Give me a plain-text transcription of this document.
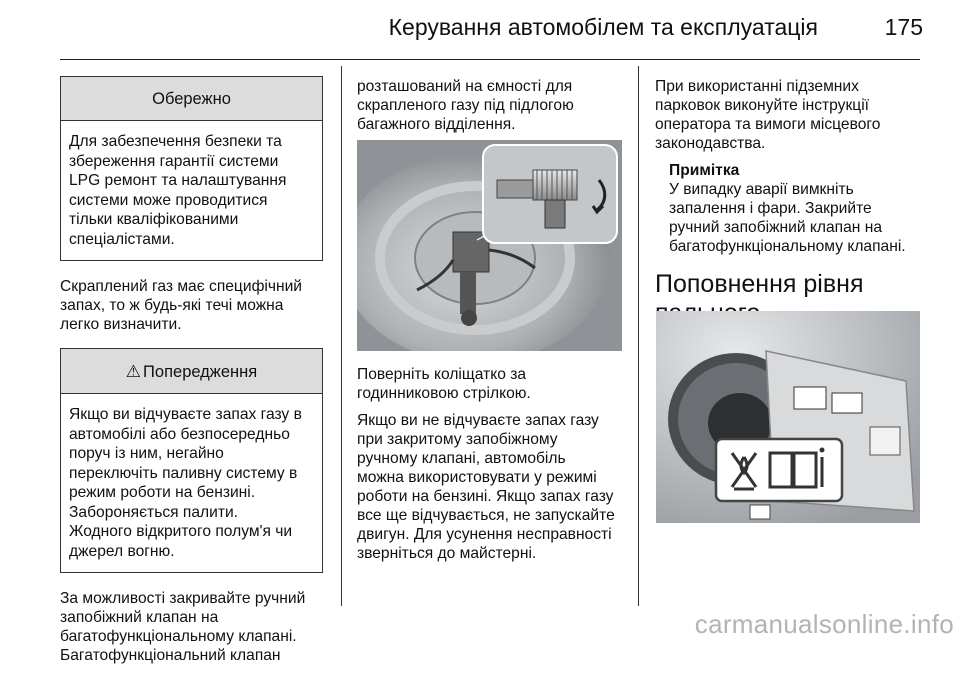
Керування автомобілем та експлуатація	175
Обережно
Для забезпечення безпеки та
збереження гарантії системи
LPG ремонт та налаштування
системи може проводитися
тільки кваліфікованими
спеціалістами.

Скраплений газ має специфічний
запах, то ж будь-які течі можна
легко визначити.

⚠ Попередження
Якщо ви відчуваєте запах газу в
автомобілі або безпосередньо
поруч із ним, негайно
переключіть паливну систему в
режим роботи на бензині.
Забороняється палити.
Жодного відкритого полум'я чи
джерел вогню.

За можливості закривайте ручний
запобіжний клапан на
багатофункціональному клапані.
Багатофункціональний клапан

розташований на ємності для
скрапленого газу під підлогою
багажного відділення.

Поверніть коліщатко за
годинниковою стрілкою.

Якщо ви не відчуваєте запах газу
при закритому запобіжному
ручному клапані, автомобіль
можна використовувати у режимі
роботи на бензині. Якщо запах газу
все ще відчувається, не запускайте
двигун. Для усунення несправності
зверніться до майстерні.

При використанні підземних
парковок виконуйте інструкції
оператора та вимоги місцевого
законодавства.

Примітка
У випадку аварії вимкніть
запалення і фари. Закрийте
ручний запобіжний клапан на
багатофункціональному клапані.
Поповнення рівня

carmanualsonline.info
